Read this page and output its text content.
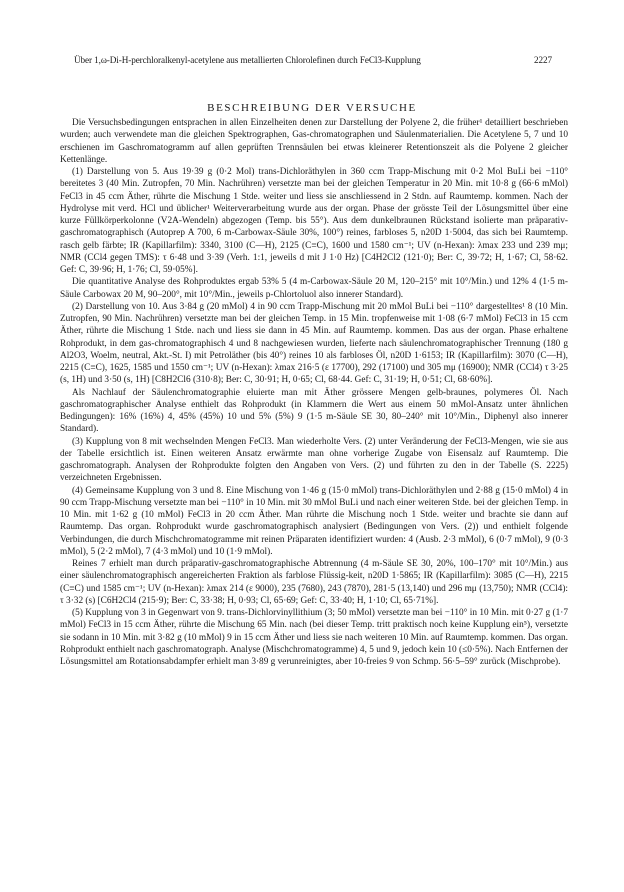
Über 1,ω-Di-H-perchloralkenyl-acetylene aus metallierten Chlorolefinen durch FeCl3-Kupplung	2227
BESCHREIBUNG DER VERSUCHE

Die Versuchsbedingungen entsprachen in allen Einzelheiten denen zur Darstellung der Polyene 2, die früher¹ detailliert beschrieben wurden; auch verwendete man die gleichen Spektrographen, Gas-chromatographen und Säulenmaterialien. Die Acetylene 5, 7 und 10 erschienen im Gaschromatogramm auf allen geprüften Trennsäulen bei etwas kleinerer Retentionszeit als die Polyene 2 gleicher Kettenlänge.

(1) Darstellung von 5. Aus 19·39 g (0·2 Mol) trans-Dichloräthylen in 360 ccm Trapp-Mischung mit 0·2 Mol BuLi bei −110° bereitetes 3 (40 Min. Zutropfen, 70 Min. Nachrühren) versetzte man bei der gleichen Temperatur in 20 Min. mit 10·8 g (66·6 mMol) FeCl3 in 45 ccm Äther, rührte die Mischung 1 Stde. weiter und liess sie anschliessend in 2 Stdn. auf Raumtemp. kommen. Nach der Hydrolyse mit verd. HCl und üblicher¹ Weiterverarbeitung wurde aus der organ. Phase der grösste Teil der Lösungsmittel über eine kurze Füllkörperkolonne (V2A-Wendeln) abgezogen (Temp. bis 55°). Aus dem dunkelbraunen Rückstand isolierte man präparativ-gaschromatographisch (Autoprep A 700, 6 m-Carbowax-Säule 30%, 100°) reines, farbloses 5, n20D 1·5004, das sich bei Raumtemp. rasch gelb färbte; IR (Kapillarfilm): 3340, 3100 (C—H), 2125 (C≡C), 1600 und 1580 cm⁻¹; UV (n-Hexan): λmax 233 und 239 mμ; NMR (CCl4 gegen TMS): τ 6·48 und 3·39 (Verh. 1:1, jeweils d mit J 1·0 Hz) [C4H2Cl2 (121·0); Ber: C, 39·72; H, 1·67; Cl, 58·62. Gef: C, 39·96; H, 1·76; Cl, 59·05%].

Die quantitative Analyse des Rohproduktes ergab 53% 5 (4 m-Carbowax-Säule 20 M, 120–215° mit 10°/Min.) und 12% 4 (1·5 m-Säule Carbowax 20 M, 90–200°, mit 10°/Min., jeweils p-Chlortoluol also innerer Standard).

(2) Darstellung von 10. Aus 3·84 g (20 mMol) 4 in 90 ccm Trapp-Mischung mit 20 mMol BuLi bei −110° dargestelltes¹ 8 (10 Min. Zutropfen, 90 Min. Nachrühren) versetzte man bei der gleichen Temp. in 15 Min. tropfenweise mit 1·08 (6·7 mMol) FeCl3 in 15 ccm Äther, rührte die Mischung 1 Stde. nach und liess sie dann in 45 Min. auf Raumtemp. kommen. Das aus der organ. Phase erhaltene Rohprodukt, in dem gas-chromatographisch 4 und 8 nachgewiesen wurden, lieferte nach säulenchromatographischer Trennung (180 g Al2O3, Woelm, neutral, Akt.-St. I) mit Petroläther (bis 40°) reines 10 als farbloses Öl, n20D 1·6153; IR (Kapillarfilm): 3070 (C—H), 2215 (C≡C), 1625, 1585 und 1550 cm⁻¹; UV (n-Hexan): λmax 216·5 (ε 17700), 292 (17100) und 305 mμ (16900); NMR (CCl4) τ 3·25 (s, 1H) und 3·50 (s, 1H) [C8H2Cl6 (310·8); Ber: C, 30·91; H, 0·65; Cl, 68·44. Gef: C, 31·19; H, 0·51; Cl, 68·60%].

Als Nachlauf der Säulenchromatographie eluierte man mit Äther grössere Mengen gelb-braunes, polymeres Öl. Nach gaschromatographischer Analyse enthielt das Rohprodukt (in Klammern die Wert aus einem 50 mMol-Ansatz unter ähnlichen Bedingungen): 16% (16%) 4, 45% (45%) 10 und 5% (5%) 9 (1·5 m-Säule SE 30, 80–240° mit 10°/Min., Diphenyl also innerer Standard).

(3) Kupplung von 8 mit wechselnden Mengen FeCl3. Man wiederholte Vers. (2) unter Veränderung der FeCl3-Mengen, wie sie aus der Tabelle ersichtlich ist. Einen weiteren Ansatz erwärmte man ohne vorherige Zugabe von Eisensalz auf Raumtemp. Die gaschromatograph. Analysen der Rohprodukte folgten den Angaben von Vers. (2) und führten zu den in der Tabelle (S. 2225) verzeichneten Ergebnissen.

(4) Gemeinsame Kupplung von 3 und 8. Eine Mischung von 1·46 g (15·0 mMol) trans-Dichloräthylen und 2·88 g (15·0 mMol) 4 in 90 ccm Trapp-Mischung versetzte man bei −110° in 10 Min. mit 30 mMol BuLi und nach einer weiteren Stde. bei der gleichen Temp. in 10 Min. mit 1·62 g (10 mMol) FeCl3 in 20 ccm Äther. Man rührte die Mischung noch 1 Stde. weiter und brachte sie dann auf Raumtemp. Das organ. Rohprodukt wurde gaschromatographisch analysiert (Bedingungen von Vers. (2)) und enthielt folgende Verbindungen, die durch Mischchromatogramme mit reinen Präparaten identifiziert wurden: 4 (Ausb. 2·3 mMol), 6 (0·7 mMol), 9 (0·3 mMol), 5 (2·2 mMol), 7 (4·3 mMol) und 10 (1·9 mMol).

Reines 7 erhielt man durch präparativ-gaschromatographische Abtrennung (4 m-Säule SE 30, 20%, 100–170° mit 10°/Min.) aus einer säulenchromatographisch angereicherten Fraktion als farblose Flüssig-keit, n20D 1·5865; IR (Kapillarfilm): 3085 (C—H), 2215 (C≡C) und 1585 cm⁻¹; UV (n-Hexan): λmax 214 (ε 9000), 235 (7680), 243 (7870), 281·5 (13,140) und 296 mμ (13,750); NMR (CCl4): τ 3·32 (s) [C6H2Cl4 (215·9); Ber: C, 33·38; H, 0·93; Cl, 65·69; Gef: C, 33·40; H, 1·10; Cl, 65·71%].

(5) Kupplung von 3 in Gegenwart von 9. trans-Dichlorvinyllithium (3; 50 mMol) versetzte man bei −110° in 10 Min. mit 0·27 g (1·7 mMol) FeCl3 in 15 ccm Äther, rührte die Mischung 65 Min. nach (bei dieser Temp. tritt praktisch noch keine Kupplung ein⁵), versetzte sie sodann in 10 Min. mit 3·82 g (10 mMol) 9 in 15 ccm Äther und liess sie nach weiteren 10 Min. auf Raumtemp. kommen. Das organ. Rohprodukt enthielt nach gaschromatograph. Analyse (Mischchromatogramme) 4, 5 und 9, jedoch kein 10 (≤0·5%). Nach Entfernen der Lösungsmittel am Rotationsabdampfer erhielt man 3·89 g verunreinigtes, aber 10-freies 9 von Schmp. 56·5–59° zurück (Mischprobe).
